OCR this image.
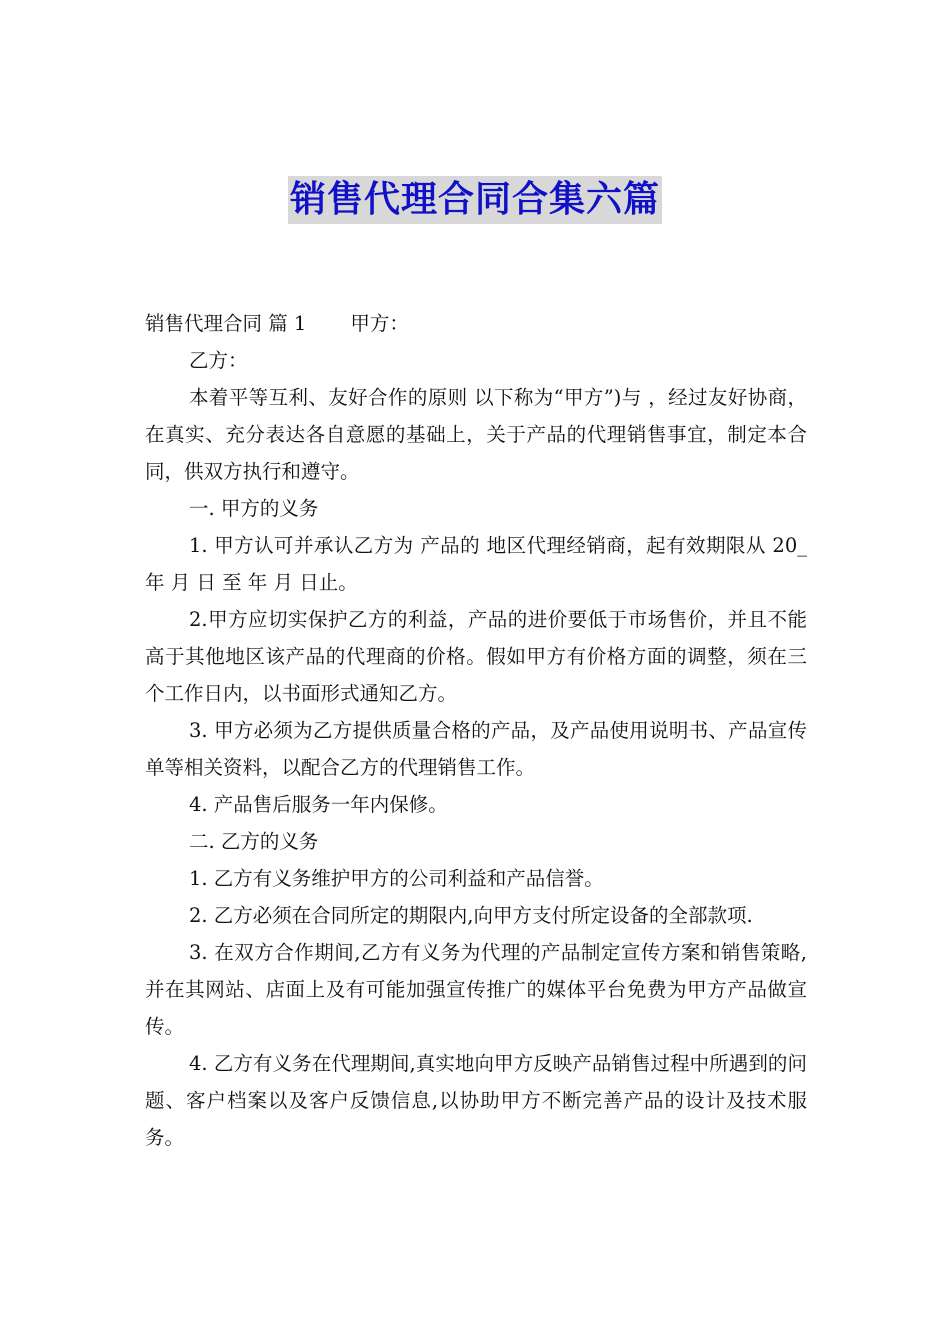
销售代理合同合集六篇

销售代理合同 篇 1 甲方：

乙方：

本着平等互利、友好合作的原则 以下称为“甲方”)与 ，经过友好协商，在真实、充分表达各自意愿的基础上，关于产品的代理销售事宜，制定本合同，供双方执行和遵守。

一. 甲方的义务

1. 甲方认可并承认乙方为 产品的 地区代理经销商，起有效期限从 20_ 年 月 日 至 年 月 日止。

2.甲方应切实保护乙方的利益，产品的进价要低于市场售价，并且不能高于其他地区该产品的代理商的价格。假如甲方有价格方面的调整，须在三个工作日内，以书面形式通知乙方。

3. 甲方必须为乙方提供质量合格的产品，及产品使用说明书、产品宣传单等相关资料，以配合乙方的代理销售工作。

4. 产品售后服务一年内保修。

二. 乙方的义务

1. 乙方有义务维护甲方的公司利益和产品信誉。

2. 乙方必须在合同所定的期限内,向甲方支付所定设备的全部款项.

3. 在双方合作期间,乙方有义务为代理的产品制定宣传方案和销售策略,并在其网站、店面上及有可能加强宣传推广的媒体平台免费为甲方产品做宣传。

4. 乙方有义务在代理期间,真实地向甲方反映产品销售过程中所遇到的问题、客户档案以及客户反馈信息,以协助甲方不断完善产品的设计及技术服务。
